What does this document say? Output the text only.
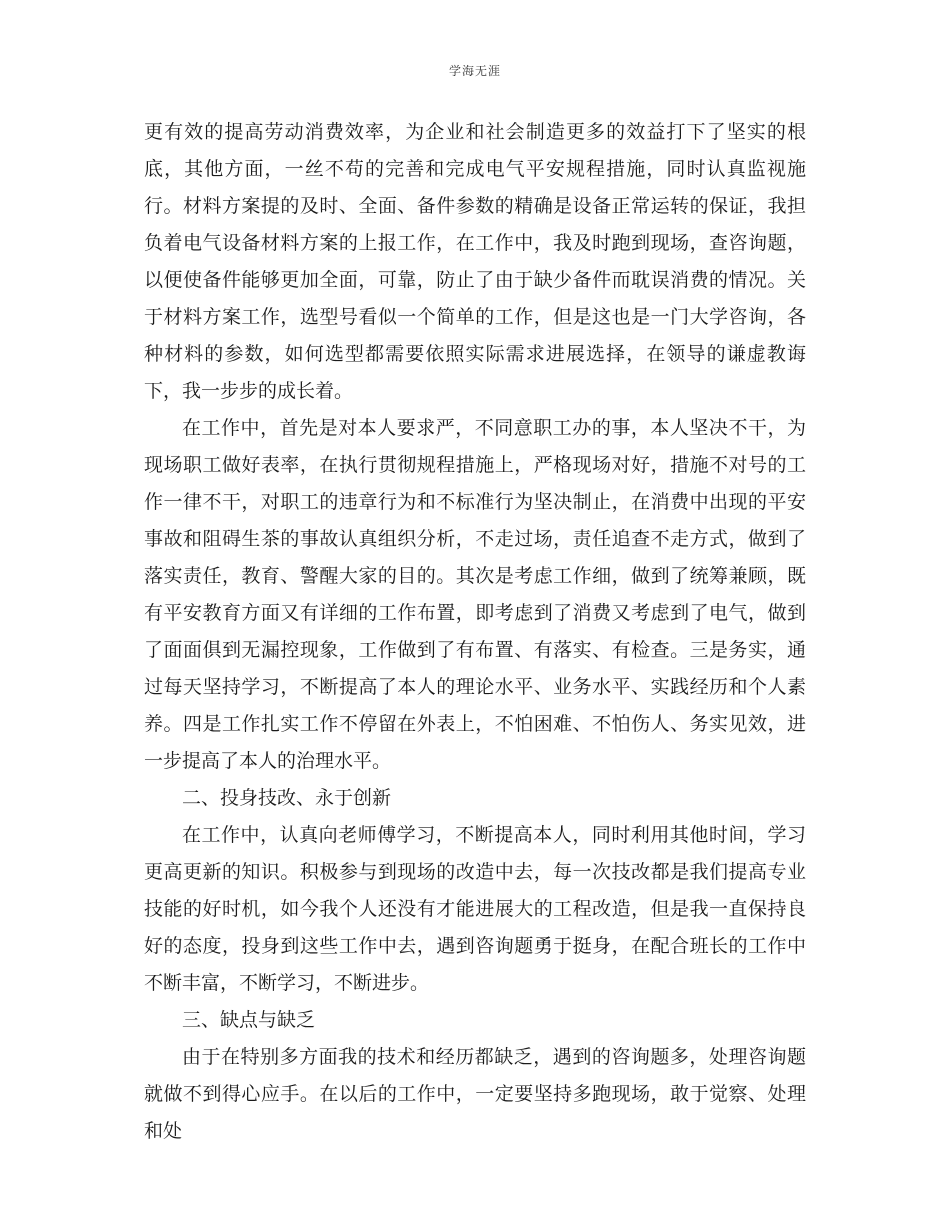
学海无涯

更有效的提高劳动消费效率，为企业和社会制造更多的效益打下了坚实的根底，其他方面，一丝不苟的完善和完成电气平安规程措施，同时认真监视施行。材料方案提的及时、全面、备件参数的精确是设备正常运转的保证，我担负着电气设备材料方案的上报工作，在工作中，我及时跑到现场，查咨询题，以便使备件能够更加全面，可靠，防止了由于缺少备件而耽误消费的情况。关于材料方案工作，选型号看似一个简单的工作，但是这也是一门大学咨询，各种材料的参数，如何选型都需要依照实际需求进展选择，在领导的谦虚教诲下，我一步步的成长着。

在工作中，首先是对本人要求严，不同意职工办的事，本人坚决不干，为现场职工做好表率，在执行贯彻规程措施上，严格现场对好，措施不对号的工作一律不干，对职工的违章行为和不标准行为坚决制止，在消费中出现的平安事故和阻碍生茶的事故认真组织分析，不走过场，责任追查不走方式，做到了落实责任，教育、警醒大家的目的。其次是考虑工作细，做到了统筹兼顾，既有平安教育方面又有详细的工作布置，即考虑到了消费又考虑到了电气，做到了面面俱到无漏控现象，工作做到了有布置、有落实、有检查。三是务实，通过每天坚持学习，不断提高了本人的理论水平、业务水平、实践经历和个人素养。四是工作扎实工作不停留在外表上，不怕困难、不怕伤人、务实见效，进一步提高了本人的治理水平。

二、投身技改、永于创新

在工作中，认真向老师傅学习，不断提高本人，同时利用其他时间，学习更高更新的知识。积极参与到现场的改造中去，每一次技改都是我们提高专业技能的好时机，如今我个人还没有才能进展大的工程改造，但是我一直保持良好的态度，投身到这些工作中去，遇到咨询题勇于挺身，在配合班长的工作中不断丰富，不断学习，不断进步。

三、缺点与缺乏

由于在特别多方面我的技术和经历都缺乏，遇到的咨询题多，处理咨询题就做不到得心应手。在以后的工作中，一定要坚持多跑现场，敢于觉察、处理和处
